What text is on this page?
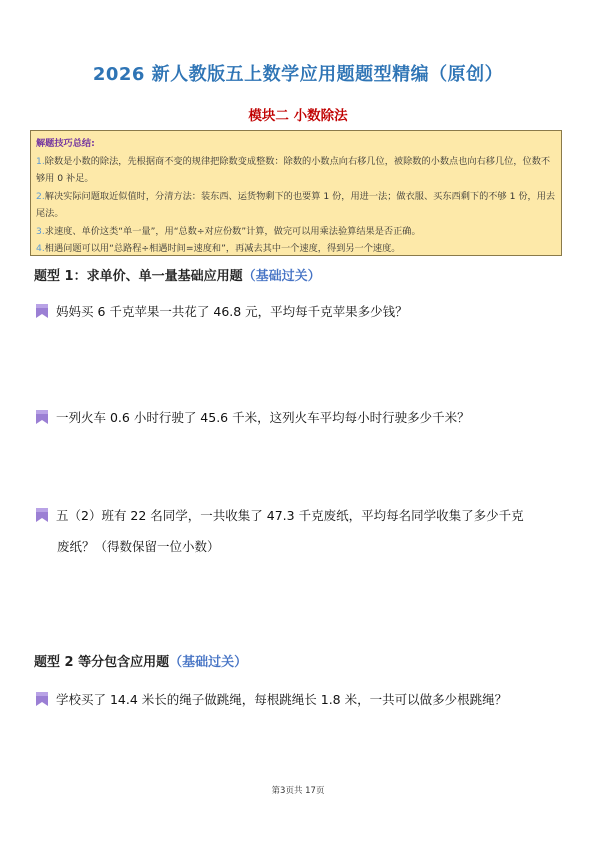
2026 新人教版五上数学应用题题型精编（原创）
模块二 小数除法

解题技巧总结:

1.除数是小数的除法，先根据商不变的规律把除数变成整数：除数的小数点向右移几位，被除数的小数点也向右移几位，位数不够用 0 补足。

2.解决实际问题取近似值时，分清方法：装东西、运货物剩下的也要算 1 份，用进一法；做衣服、买东西剩下的不够 1 份，用去尾法。

3.求速度、单价这类“单一量”，用“总数÷对应份数”计算，做完可以用乘法验算结果是否正确。

4.相遇问题可以用“总路程÷相遇时间=速度和”，再减去其中一个速度，得到另一个速度。

题型 1：求单价、单一量基础应用题（基础过关）
妈妈买 6 千克苹果一共花了 46.8 元，平均每千克苹果多少钱？
一列火车 0.6 小时行驶了 45.6 千米，这列火车平均每小时行驶多少千米？
五（2）班有 22 名同学，一共收集了 47.3 千克废纸，平均每名同学收集了多少千克
废纸？（得数保留一位小数）
题型 2 等分包含应用题（基础过关）
学校买了 14.4 米长的绳子做跳绳，每根跳绳长 1.8 米，一共可以做多少根跳绳？
第3页共 17页
